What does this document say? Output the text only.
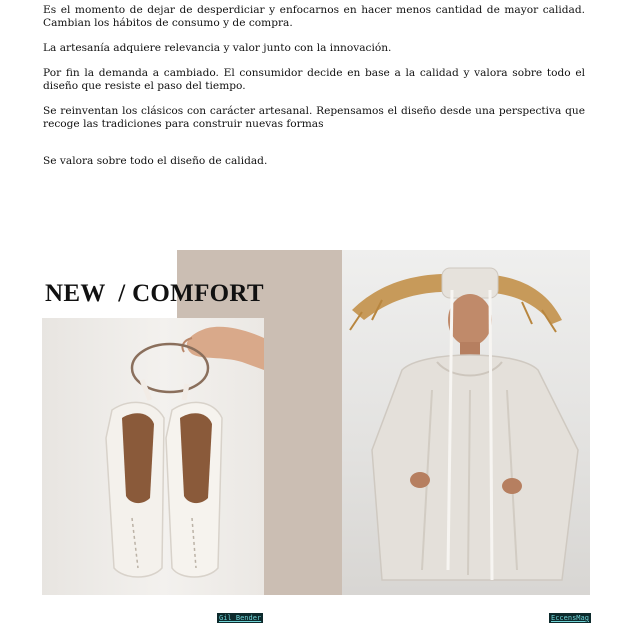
Es el momento de dejar de desperdiciar y enfocarnos en hacer menos cantidad de mayor calidad. Cambian los hábitos de consumo y de compra.

La artesanía adquiere relevancia y valor junto con la innovación.

Por fin la demanda a cambiado. El consumidor decide en base a la calidad y valora sobre todo el diseño que resiste el paso del tiempo.

Se reinventan los clásicos con carácter artesanal. Repensamos el diseño desde una perspectiva que recoge las tradiciones para construir nuevas formas

Se valora sobre todo el diseño de calidad.

NEW  / COMFORT
Gil Bender	EccensMag
